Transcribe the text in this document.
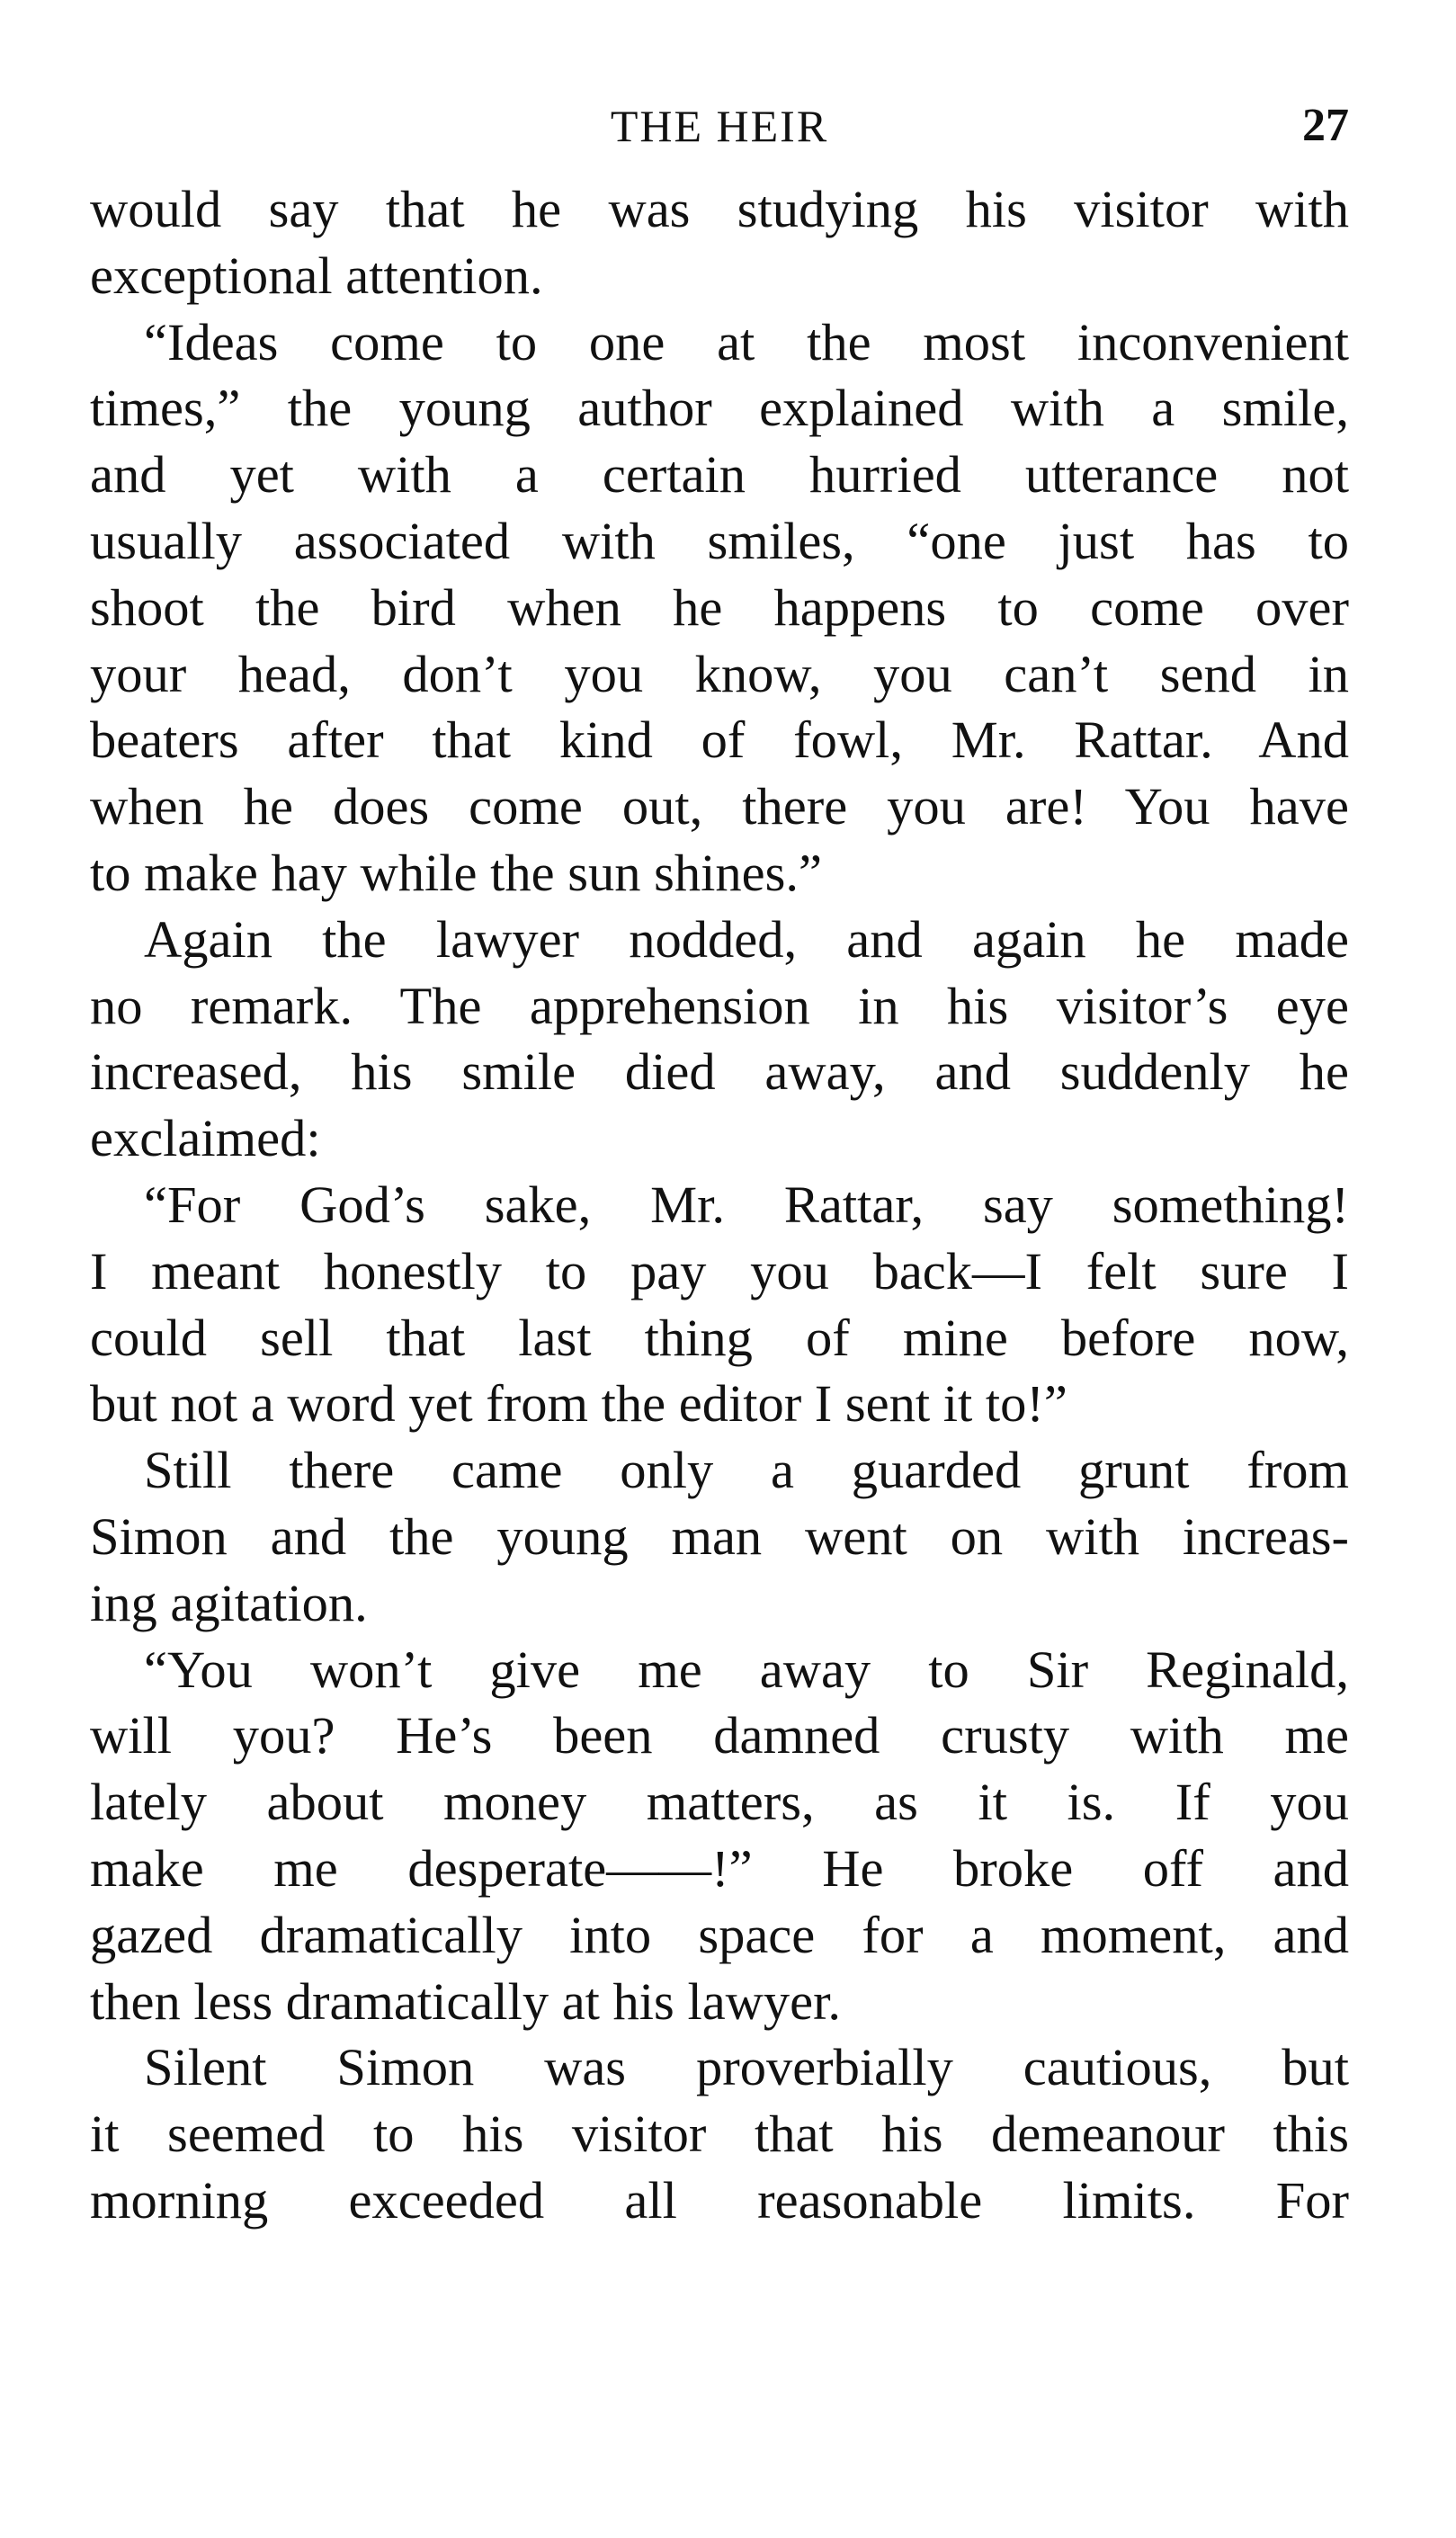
THE HEIR	27
would say that he was studying his visitor with
exceptional attention.
“Ideas come to one at the most inconvenient
times,” the young author explained with a smile,
and yet with a certain hurried utterance not
usually associated with smiles, “one just has to
shoot the bird when he happens to come over
your head, don’t you know, you can’t send in
beaters after that kind of fowl, Mr. Rattar. And
when he does come out, there you are! You have
to make hay while the sun shines.”
Again the lawyer nodded, and again he made
no remark. The apprehension in his visitor’s eye
increased, his smile died away, and suddenly he
exclaimed:
“For God’s sake, Mr. Rattar, say something!
I meant honestly to pay you back—I felt sure I
could sell that last thing of mine before now,
but not a word yet from the editor I sent it to!”
Still there came only a guarded grunt from
Simon and the young man went on with increas-
ing agitation.
“You won’t give me away to Sir Reginald,
will you? He’s been damned crusty with me
lately about money matters, as it is. If you
make me desperate——!” He broke off and
gazed dramatically into space for a moment, and
then less dramatically at his lawyer.
Silent Simon was proverbially cautious, but
it seemed to his visitor that his demeanour this
morning exceeded all reasonable limits. For
